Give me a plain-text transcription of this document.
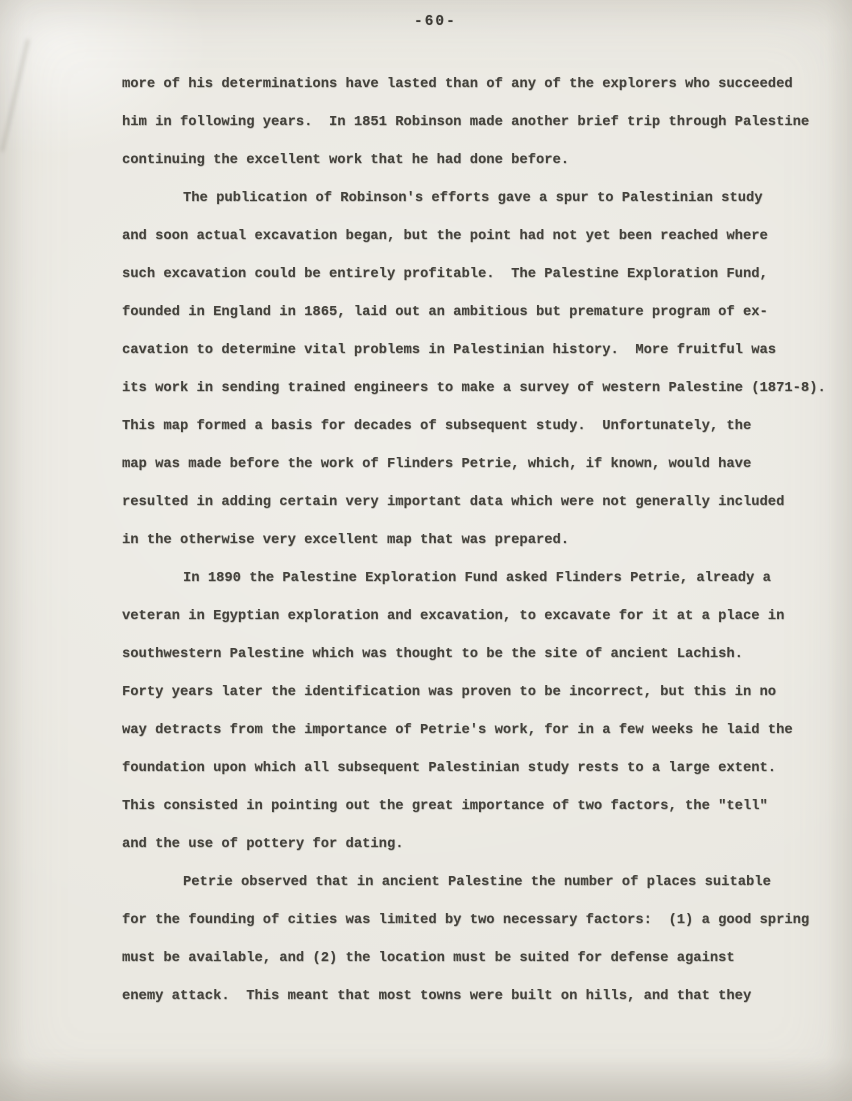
-60-
more of his determinations have lasted than of any of the explorers who succeeded
him in following years.  In 1851 Robinson made another brief trip through Palestine
continuing the excellent work that he had done before.
The publication of Robinson's efforts gave a spur to Palestinian study
and soon actual excavation began, but the point had not yet been reached where
such excavation could be entirely profitable.  The Palestine Exploration Fund,
founded in England in 1865, laid out an ambitious but premature program of ex-
cavation to determine vital problems in Palestinian history.  More fruitful was
its work in sending trained engineers to make a survey of western Palestine (1871-8).
This map formed a basis for decades of subsequent study.  Unfortunately, the
map was made before the work of Flinders Petrie, which, if known, would have
resulted in adding certain very important data which were not generally included
in the otherwise very excellent map that was prepared.
In 1890 the Palestine Exploration Fund asked Flinders Petrie, already a
veteran in Egyptian exploration and excavation, to excavate for it at a place in
southwestern Palestine which was thought to be the site of ancient Lachish.
Forty years later the identification was proven to be incorrect, but this in no
way detracts from the importance of Petrie's work, for in a few weeks he laid the
foundation upon which all subsequent Palestinian study rests to a large extent.
This consisted in pointing out the great importance of two factors, the "tell"
and the use of pottery for dating.
Petrie observed that in ancient Palestine the number of places suitable
for the founding of cities was limited by two necessary factors:  (1) a good spring
must be available, and (2) the location must be suited for defense against
enemy attack.  This meant that most towns were built on hills, and that they
